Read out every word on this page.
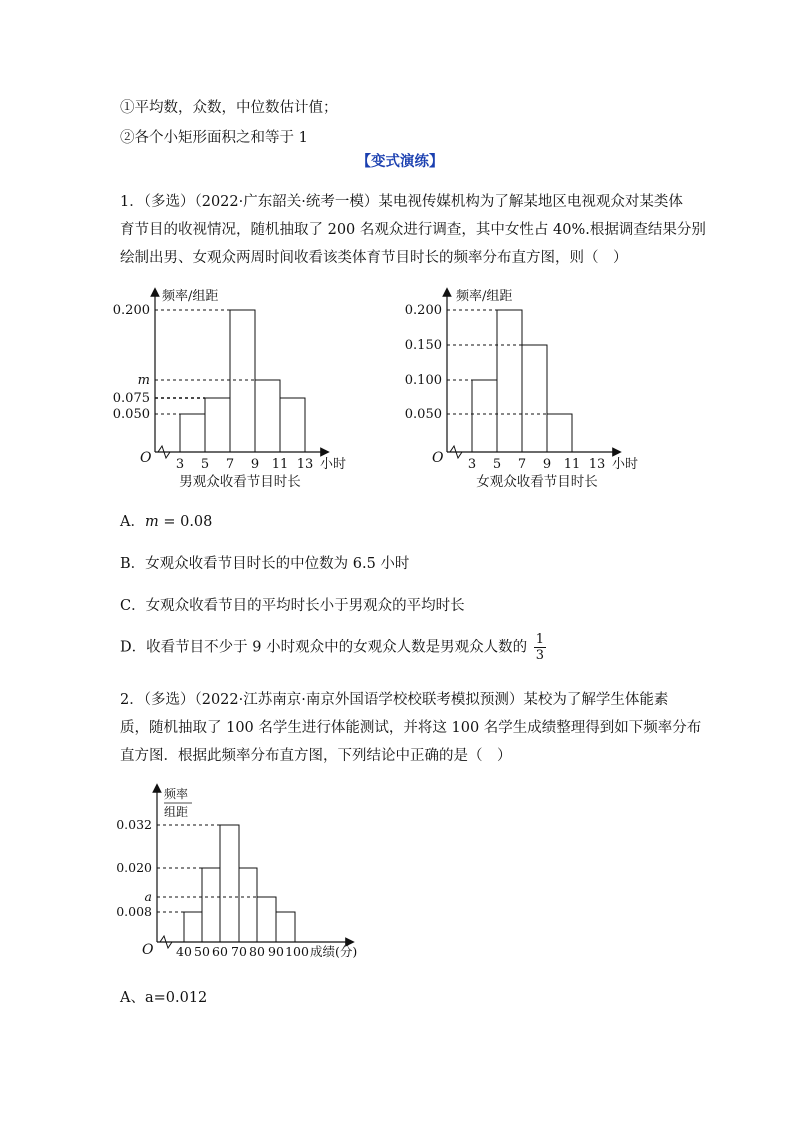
①平均数，众数，中位数估计值；
②各个小矩形面积之和等于 1
【变式演练】
1．（多选）（2022·广东韶关·统考一模）某电视传媒机构为了解某地区电视观众对某类体
育节目的收视情况，随机抽取了 200 名观众进行调查，其中女性占 40%.根据调查结果分别
绘制出男、女观众两周时间收看该类体育节目时长的频率分布直方图，则（　）
O
频率/组距
小时
0.200
m
0.075
0.050
3 5 7 9 11 13
男观众收看节目时长
O
频率/组距
小时
0.200
0.150
0.100
0.050
3 5 7 9 11 13
女观众收看节目时长
A．m = 0.08
B．女观众收看节目时长的中位数为 6.5 小时
C．女观众收看节目的平均时长小于男观众的平均时长
D．收看节目不少于 9 小时观众中的女观众人数是男观众人数的 $\frac{1}{3}$
2．（多选）（2022·江苏南京·南京外国语学校校联考模拟预测）某校为了解学生体能素
质，随机抽取了 100 名学生进行体能测试，并将这 100 名学生成绩整理得到如下频率分布
直方图．根据此频率分布直方图，下列结论中正确的是（　）
O
频率
组距
成绩(分)
0.032
0.020
a
0.008
40 50 60 70 80 90 100
A、a=0.012
